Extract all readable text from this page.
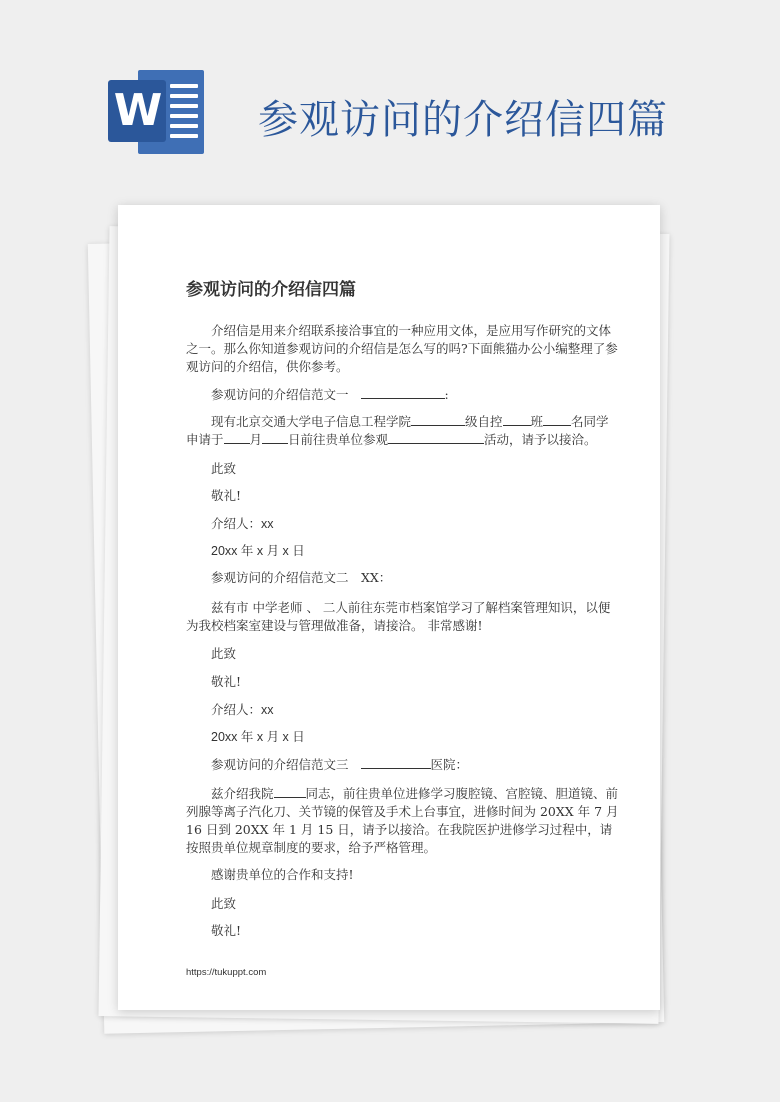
W 参观访问的介绍信四篇
参观访问的介绍信四篇

介绍信是用来介绍联系接洽事宜的一种应用文体，是应用写作研究的文体之一。那么你知道参观访问的介绍信是怎么写的吗?下面熊猫办公小编整理了参观访问的介绍信，供你参考。

参观访问的介绍信范文一	:
现有北京交通大学电子信息工程学院	级自控 班 名同学
申请于 月 日前往贵单位参观	活动，请予以接洽。
此致
敬礼!
介绍人：xx
20xx 年 x 月 x 日
参观访问的介绍信范文二　XX：

兹有市 中学老师 、 二人前往东莞市档案馆学习了解档案管理知识，以便为我校档案室建设与管理做准备，请接洽。 非常感谢!

此致
敬礼!
介绍人：xx
20xx 年 x 月 x 日
参观访问的介绍信范文三	医院：

兹介绍我院	同志，前往贵单位进修学习腹腔镜、宫腔镜、胆道镜、前列腺等离子汽化刀、关节镜的保管及手术上台事宜，进修时间为 20XX 年 7 月 16 日到 20XX 年 1 月 15 日，请予以接洽。在我院医护进修学习过程中，请按照贵单位规章制度的要求，给予严格管理。

感谢贵单位的合作和支持!
此致
敬礼!
https://tukuppt.com
